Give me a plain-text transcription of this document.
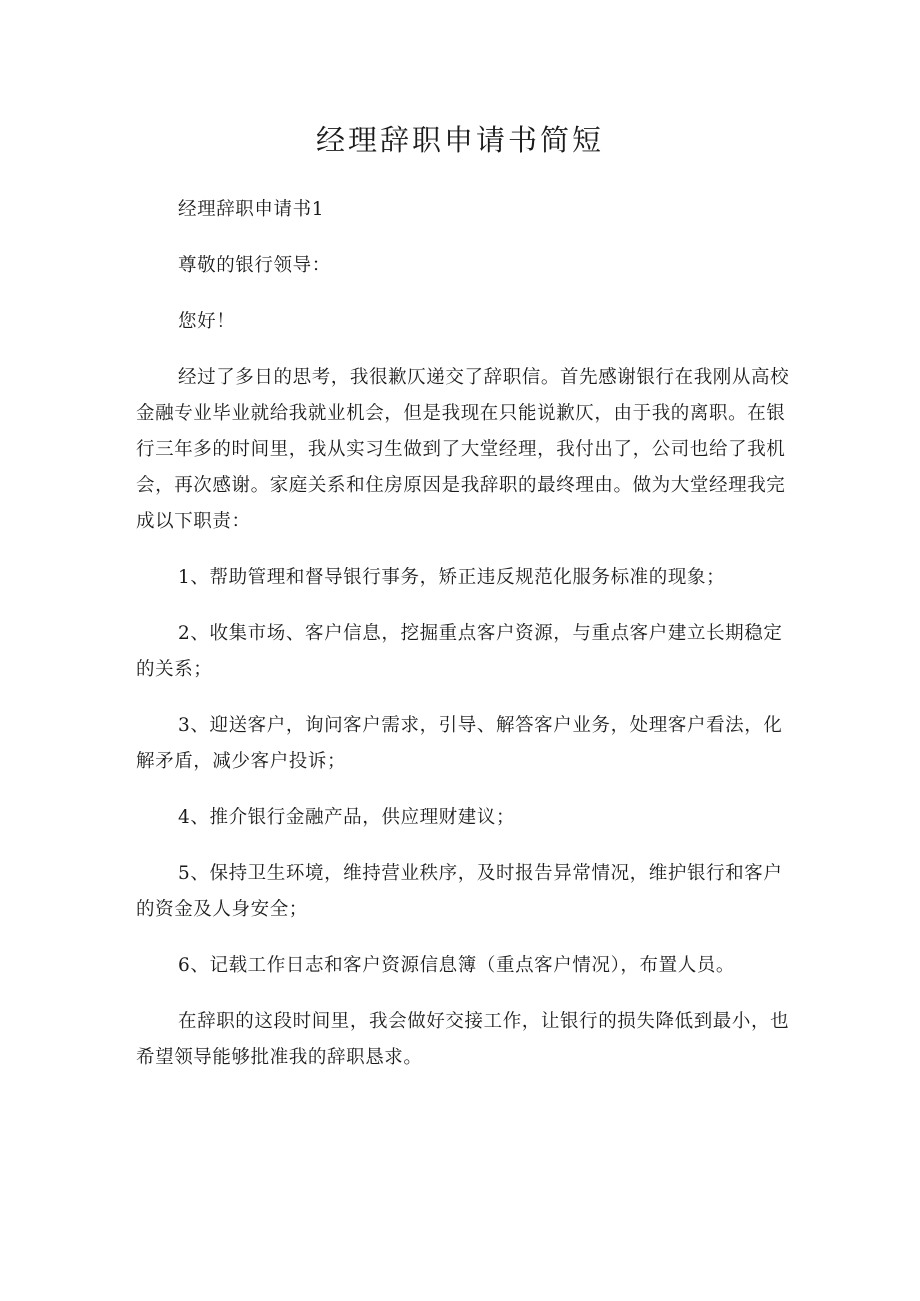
经理辞职申请书简短

经理辞职申请书1

尊敬的银行领导：

您好！

经过了多日的思考，我很歉仄递交了辞职信。首先感谢银行在我刚从高校金融专业毕业就给我就业机会，但是我现在只能说歉仄，由于我的离职。在银行三年多的时间里，我从实习生做到了大堂经理，我付出了，公司也给了我机会，再次感谢。家庭关系和住房原因是我辞职的最终理由。做为大堂经理我完成以下职责：

1、帮助管理和督导银行事务，矫正违反规范化服务标准的现象；

2、收集市场、客户信息，挖掘重点客户资源，与重点客户建立长期稳定的关系；

3、迎送客户，询问客户需求，引导、解答客户业务，处理客户看法，化解矛盾，减少客户投诉；

4、推介银行金融产品，供应理财建议；

5、保持卫生环境，维持营业秩序，及时报告异常情况，维护银行和客户的资金及人身安全；

6、记载工作日志和客户资源信息簿（重点客户情况），布置人员。

在辞职的这段时间里，我会做好交接工作，让银行的损失降低到最小，也希望领导能够批准我的辞职恳求。
